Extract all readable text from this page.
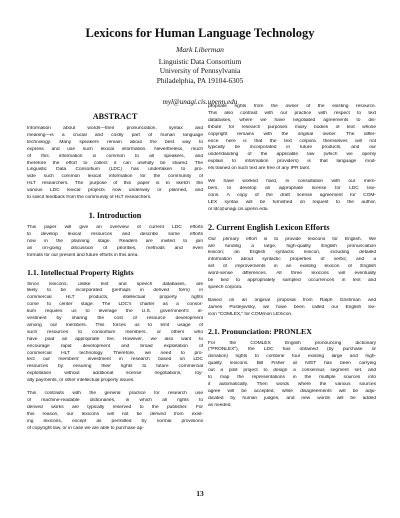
Lexicons for Human Language Technology
Mark Liberman
Linguistic Data Consortium
University of Pennsylvania
Philadelphia, PA 19104-6305
myl@unagi.cis.upenn.edu
ABSTRACT
Information about words—their pronunciation, syntax and
meaning—is a crucial and costly part of human language
technology. Many speakers remain about the best way to
express and use such lexical information. Nevertheless, much
of this information is common to all speakers, and
therefore the effort to collect it can usefully be shared. The
Linguistic Data Consortium (LDC) has undertaken to pro-
vide such common lexical information for the community of
HLT researchers. The purpose of this paper is to sketch the
various LDC lexical projects now underway or planned, and
to solicit feedback from the community of HLT researchers.
1. Introduction
This paper will give an overview of current LDC efforts
to develop lexical resources and describe some efforts
now in the planning stage. Readers are invited to join
an on-going discussion of priorities, methods and even
formats for our present and future efforts in this area.
1.1. Intellectual Property Rights
Since lexicons, unlike text and speech databases, are
likely to be incorporated (perhaps in derived form) in
commercial HLT products, intellectual property rights
come to center stage. The LDC's charter as a consor-
tium requires us to leverage the U.S. government's in-
vestment by sharing the cost of resource development
among our members. This forces us to limit usage of
such resources to consortium members, or others who
have paid an appropriate fee. However, we also want to
encourage rapid development and broad exploitation of
commercial HLT technology. Therefore, we need to pro-
tect our members' investment in research based on LDC
resources by ensuring their rights to future commercial
exploitation without additional license negotiations, roy-
alty payments, or other intellectual property issues.
This contrasts with the general practice for research use
of machine-readable dictionaries, in which all rights to
derived works are typically reserved to the publisher. For
this reason, our lexicons will not be derived from exist-
ing lexicons, except as permitted by normal provisions
of copyright law, or in case we are able to purchase ap-
propriate rights from the owner of the existing resource.
This also contrast with our practice with respect to text
databases, where we have negotiated agreements to dis-
tribute for research purposes many bodies of text whose
copyright remains with the original owner. The differ-
ence here is that the text corpora themselves will not
typically be incorporated in future products, and our
understanding of the applicable law (which we openly
explain to information providers) is that language mod-
els trained on such text are free of any IPR taint.
We have worked hard, in consultation with our mem-
bers, to develop an appropriate license for LDC lexi-
cons. A copy of the draft license agreement for COM-
LEX syntax will be furnished on request to the author,
or ldc@unagi.cis.upenn.edu.
2. Current English Lexicon Efforts
Our primary effort is to provide lexicons for English. We
are funding a large, high-quality English pronunciation
lexicon; an English syntactic lexicon, including detailed
information about syntactic properties of verbs; and a
set of improvements in an existing lexicon of English
word-sense differences. All three lexicons will eventually
be tied to appropriately sampled occurrences in text and
speech corpora.
Based on an original proposal from Ralph Grishman and
James Pustejovsky, we have been called our English lex-
icon "COMLEX," for COMmon LEXicon.
2.1. Pronunciation: PRONLEX
For the COMLEX English pronouncing dictionary
("PRONLEX"), the LDC has obtained (by purchase or
donation) rights to combine four existing large and high-
quality lexicons. Bill Fisher at NIST has been carrying
out a pilot project to design a consensus segment set, and
to map the representations in the multiple sources into
it automatically. Then words where the various sources
agree will be accepted, while disagreements will be adju-
dicated by human judges, and new words will be added
as needed.
13
